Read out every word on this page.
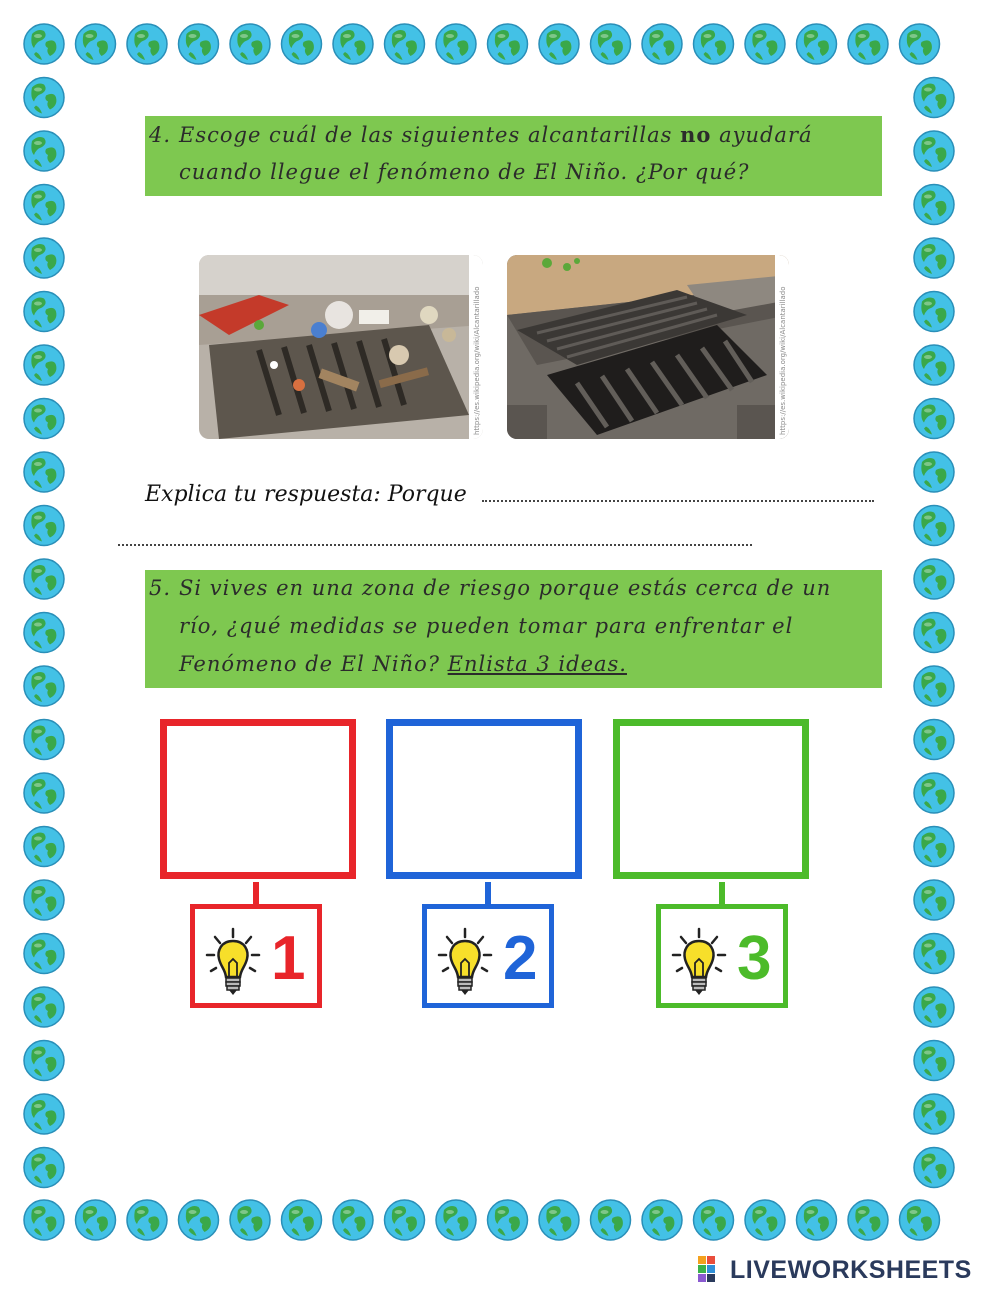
4. Escoge cuál de las siguientes alcantarillas no ayudará
cuando llegue el fenómeno de El Niño. ¿Por qué?
https://es.wikipedia.org/wiki/Alcantarillado	https://es.wikipedia.org/wiki/Alcantarillado
Explica tu respuesta: Porque
5. Si vives en una zona de riesgo porque estás cerca de un
río, ¿qué medidas se pueden tomar para enfrentar el
Fenómeno de El Niño? Enlista 3 ideas.
1	2	3
LIVEWORKSHEETS
